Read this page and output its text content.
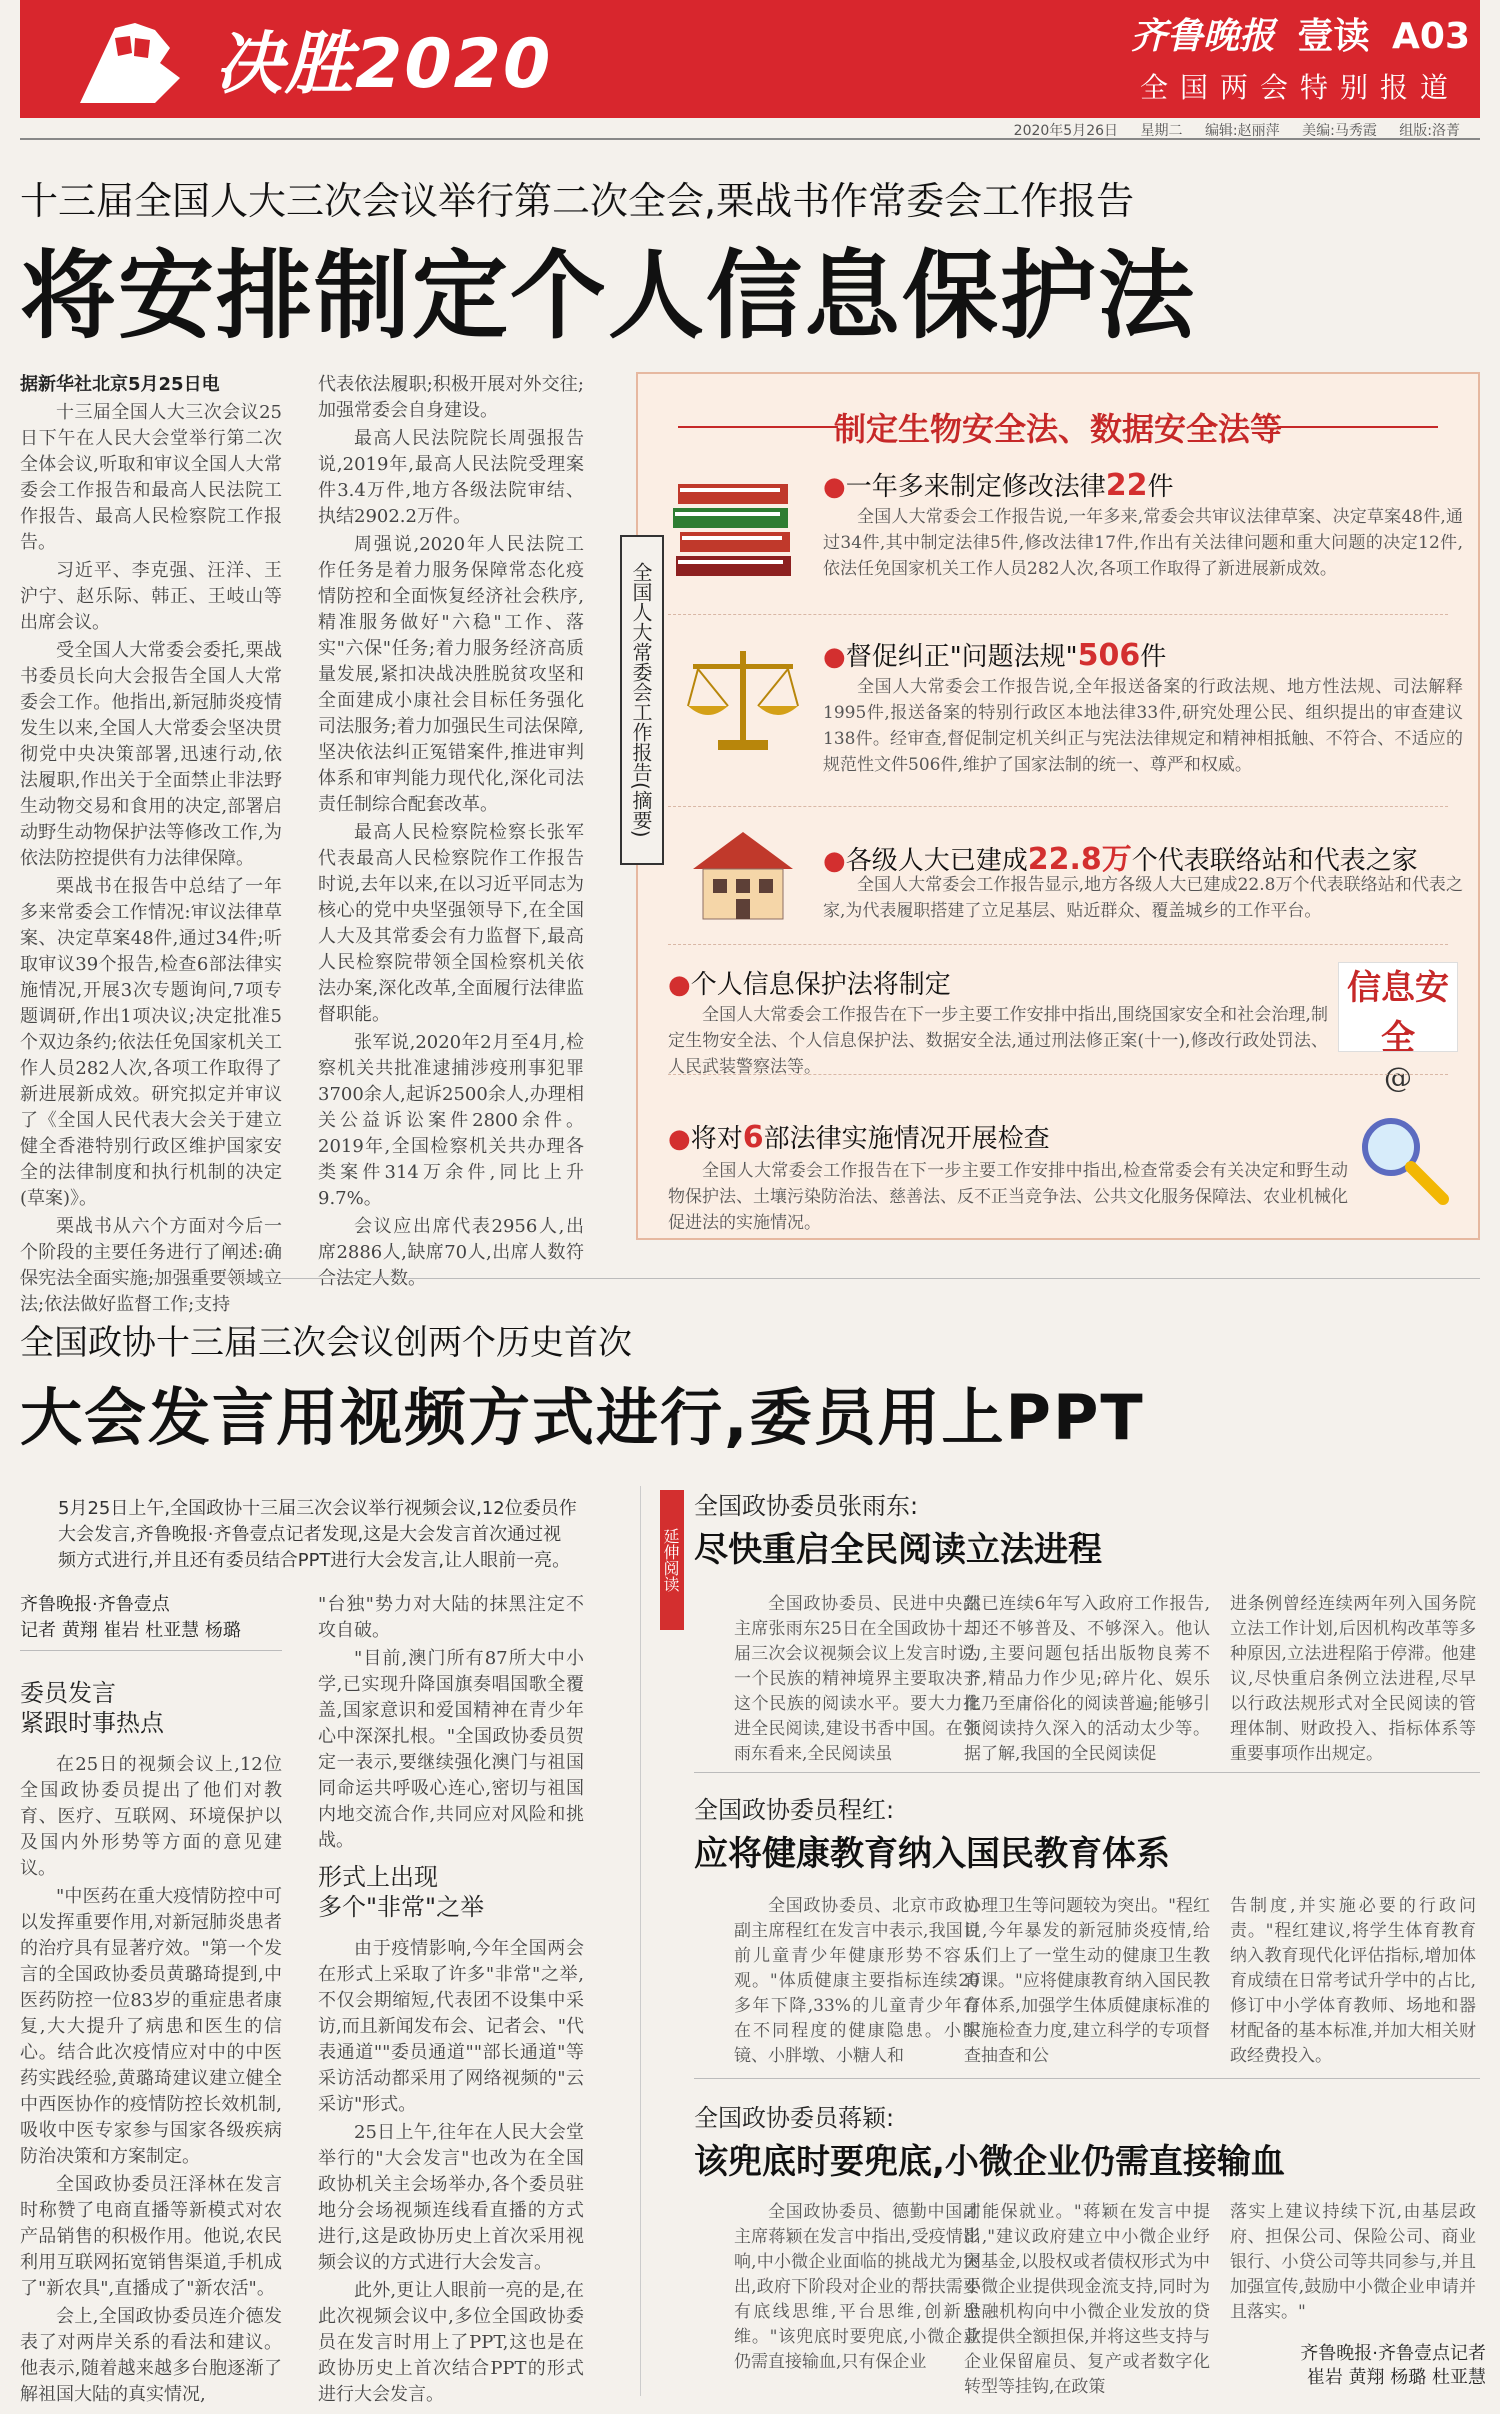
决胜2020	齐鲁晚报 壹读 A03
全国两会特别报道
2020年5月26日 星期二 编辑:赵丽萍 美编:马秀霞 组版:洛菁
十三届全国人大三次会议举行第二次全会,栗战书作常委会工作报告
将安排制定个人信息保护法

据新华社北京5月25日电

十三届全国人大三次会议25日下午在人民大会堂举行第二次全体会议,听取和审议全国人大常委会工作报告和最高人民法院工作报告、最高人民检察院工作报告。

习近平、李克强、汪洋、王沪宁、赵乐际、韩正、王岐山等出席会议。

受全国人大常委会委托,栗战书委员长向大会报告全国人大常委会工作。他指出,新冠肺炎疫情发生以来,全国人大常委会坚决贯彻党中央决策部署,迅速行动,依法履职,作出关于全面禁止非法野生动物交易和食用的决定,部署启动野生动物保护法等修改工作,为依法防控提供有力法律保障。

栗战书在报告中总结了一年多来常委会工作情况:审议法律草案、决定草案48件,通过34件;听取审议39个报告,检查6部法律实施情况,开展3次专题询问,7项专题调研,作出1项决议;决定批准5个双边条约;依法任免国家机关工作人员282人次,各项工作取得了新进展新成效。研究拟定并审议了《全国人民代表大会关于建立健全香港特别行政区维护国家安全的法律制度和执行机制的决定(草案)》。

栗战书从六个方面对今后一个阶段的主要任务进行了阐述:确保宪法全面实施;加强重要领域立法;依法做好监督工作;支持

代表依法履职;积极开展对外交往;加强常委会自身建设。

最高人民法院院长周强报告说,2019年,最高人民法院受理案件3.4万件,地方各级法院审结、执结2902.2万件。

周强说,2020年人民法院工作任务是着力服务保障常态化疫情防控和全面恢复经济社会秩序,精准服务做好"六稳"工作、落实"六保"任务;着力服务经济高质量发展,紧扣决战决胜脱贫攻坚和全面建成小康社会目标任务强化司法服务;着力加强民生司法保障,坚决依法纠正冤错案件,推进审判体系和审判能力现代化,深化司法责任制综合配套改革。

最高人民检察院检察长张军代表最高人民检察院作工作报告时说,去年以来,在以习近平同志为核心的党中央坚强领导下,在全国人大及其常委会有力监督下,最高人民检察院带领全国检察机关依法办案,深化改革,全面履行法律监督职能。

张军说,2020年2月至4月,检察机关共批准逮捕涉疫刑事犯罪3700余人,起诉2500余人,办理相关公益诉讼案件2800余件。2019年,全国检察机关共办理各类案件314万余件,同比上升9.7%。

会议应出席代表2956人,出席2886人,缺席70人,出席人数符合法定人数。

制定生物安全法、数据安全法等
●一年多来制定修改法律22件
全国人大常委会工作报告说,一年多来,常委会共审议法律草案、决定草案48件,通过34件,其中制定法律5件,修改法律17件,作出有关法律问题和重大问题的决定12件,依法任免国家机关工作人员282人次,各项工作取得了新进展新成效。
●督促纠正"问题法规"506件
全国人大常委会工作报告说,全年报送备案的行政法规、地方性法规、司法解释1995件,报送备案的特别行政区本地法律33件,研究处理公民、组织提出的审查建议138件。经审查,督促制定机关纠正与宪法法律规定和精神相抵触、不符合、不适应的规范性文件506件,维护了国家法制的统一、尊严和权威。
●各级人大已建成22.8万个代表联络站和代表之家
全国人大常委会工作报告显示,地方各级人大已建成22.8万个代表联络站和代表之家,为代表履职搭建了立足基层、贴近群众、覆盖城乡的工作平台。
●个人信息保护法将制定
全国人大常委会工作报告在下一步主要工作安排中指出,围绕国家安全和社会治理,制定生物安全法、个人信息保护法、数据安全法,通过刑法修正案(十一),修改行政处罚法、人民武装警察法等。
信息安全
@
●将对6部法律实施情况开展检查
全国人大常委会工作报告在下一步主要工作安排中指出,检查常委会有关决定和野生动物保护法、土壤污染防治法、慈善法、反不正当竞争法、公共文化服务保障法、农业机械化促进法的实施情况。
全国人大常委会工作报告(摘要)
全国政协十三届三次会议创两个历史首次
大会发言用视频方式进行,委员用上PPT
5月25日上午,全国政协十三届三次会议举行视频会议,12位委员作大会发言,齐鲁晚报·齐鲁壹点记者发现,这是大会发言首次通过视频方式进行,并且还有委员结合PPT进行大会发言,让人眼前一亮。
齐鲁晚报·齐鲁壹点
记者 黄翔 崔岩 杜亚慧 杨璐
委员发言
紧跟时事热点

在25日的视频会议上,12位全国政协委员提出了他们对教育、医疗、互联网、环境保护以及国内外形势等方面的意见建议。

"中医药在重大疫情防控中可以发挥重要作用,对新冠肺炎患者的治疗具有显著疗效。"第一个发言的全国政协委员黄璐琦提到,中医药防控一位83岁的重症患者康复,大大提升了病患和医生的信心。结合此次疫情应对中的中医药实践经验,黄璐琦建议建立健全中西医协作的疫情防控长效机制,吸收中医专家参与国家各级疾病防治决策和方案制定。

全国政协委员汪泽林在发言时称赞了电商直播等新模式对农产品销售的积极作用。他说,农民利用互联网拓宽销售渠道,手机成了"新农具",直播成了"新农活"。

会上,全国政协委员连介德发表了对两岸关系的看法和建议。他表示,随着越来越多台胞逐渐了解祖国大陆的真实情况,

"台独"势力对大陆的抹黑注定不攻自破。

"目前,澳门所有87所大中小学,已实现升降国旗奏唱国歌全覆盖,国家意识和爱国精神在青少年心中深深扎根。"全国政协委员贺定一表示,要继续强化澳门与祖国同命运共呼吸心连心,密切与祖国内地交流合作,共同应对风险和挑战。

形式上出现
多个"非常"之举

由于疫情影响,今年全国两会在形式上采取了许多"非常"之举,不仅会期缩短,代表团不设集中采访,而且新闻发布会、记者会、"代表通道""委员通道""部长通道"等采访活动都采用了网络视频的"云采访"形式。

25日上午,往年在人民大会堂举行的"大会发言"也改为在全国政协机关主会场举办,各个委员驻地分会场视频连线看直播的方式进行,这是政协历史上首次采用视频会议的方式进行大会发言。

此外,更让人眼前一亮的是,在此次视频会议中,多位全国政协委员在发言时用上了PPT,这也是在政协历史上首次结合PPT的形式进行大会发言。

延伸阅读
全国政协委员张雨东:
尽快重启全民阅读立法进程

全国政协委员、民进中央副主席张雨东25日在全国政协十三届三次会议视频会议上发言时说,一个民族的精神境界主要取决于这个民族的阅读水平。要大力推进全民阅读,建设书香中国。在张雨东看来,全民阅读虽

然已连续6年写入政府工作报告,却还不够普及、不够深入。他认为,主要问题包括出版物良莠不齐,精品力作少见;碎片化、娱乐化乃至庸俗化的阅读普遍;能够引领阅读持久深入的活动太少等。据了解,我国的全民阅读促

进条例曾经连续两年列入国务院立法工作计划,后因机构改革等多种原因,立法进程陷于停滞。他建议,尽快重启条例立法进程,尽早以行政法规形式对全民阅读的管理体制、财政投入、指标体系等重要事项作出规定。

全国政协委员程红:
应将健康教育纳入国民教育体系

全国政协委员、北京市政协副主席程红在发言中表示,我国目前儿童青少年健康形势不容乐观。"体质健康主要指标连续20多年下降,33%的儿童青少年存在不同程度的健康隐患。小眼镜、小胖墩、小糖人和

心理卫生等问题较为突出。"程红说,今年暴发的新冠肺炎疫情,给人们上了一堂生动的健康卫生教育课。"应将健康教育纳入国民教育体系,加强学生体质健康标准的实施检查力度,建立科学的专项督查抽查和公

告制度,并实施必要的行政问责。"程红建议,将学生体育教育纳入教育现代化评估指标,增加体育成绩在日常考试升学中的占比,修订中小学体育教师、场地和器材配备的基本标准,并加大相关财政经费投入。

全国政协委员蒋颖:
该兜底时要兜底,小微企业仍需直接输血

全国政协委员、德勤中国副主席蒋颖在发言中指出,受疫情影响,中小微企业面临的挑战尤为突出,政府下阶段对企业的帮扶需要有底线思维,平台思维,创新思维。"该兜底时要兜底,小微企业仍需直接输血,只有保企业

才能保就业。"蒋颖在发言中提出,"建议政府建立中小微企业纾困基金,以股权或者债权形式为中小微企业提供现金流支持,同时为金融机构向中小微企业发放的贷款提供全额担保,并将这些支持与企业保留雇员、复产或者数字化转型等挂钩,在政策

落实上建议持续下沉,由基层政府、担保公司、保险公司、商业银行、小贷公司等共同参与,并且加强宣传,鼓励中小微企业申请并且落实。"

齐鲁晚报·齐鲁壹点记者
崔岩 黄翔 杨璐 杜亚慧
